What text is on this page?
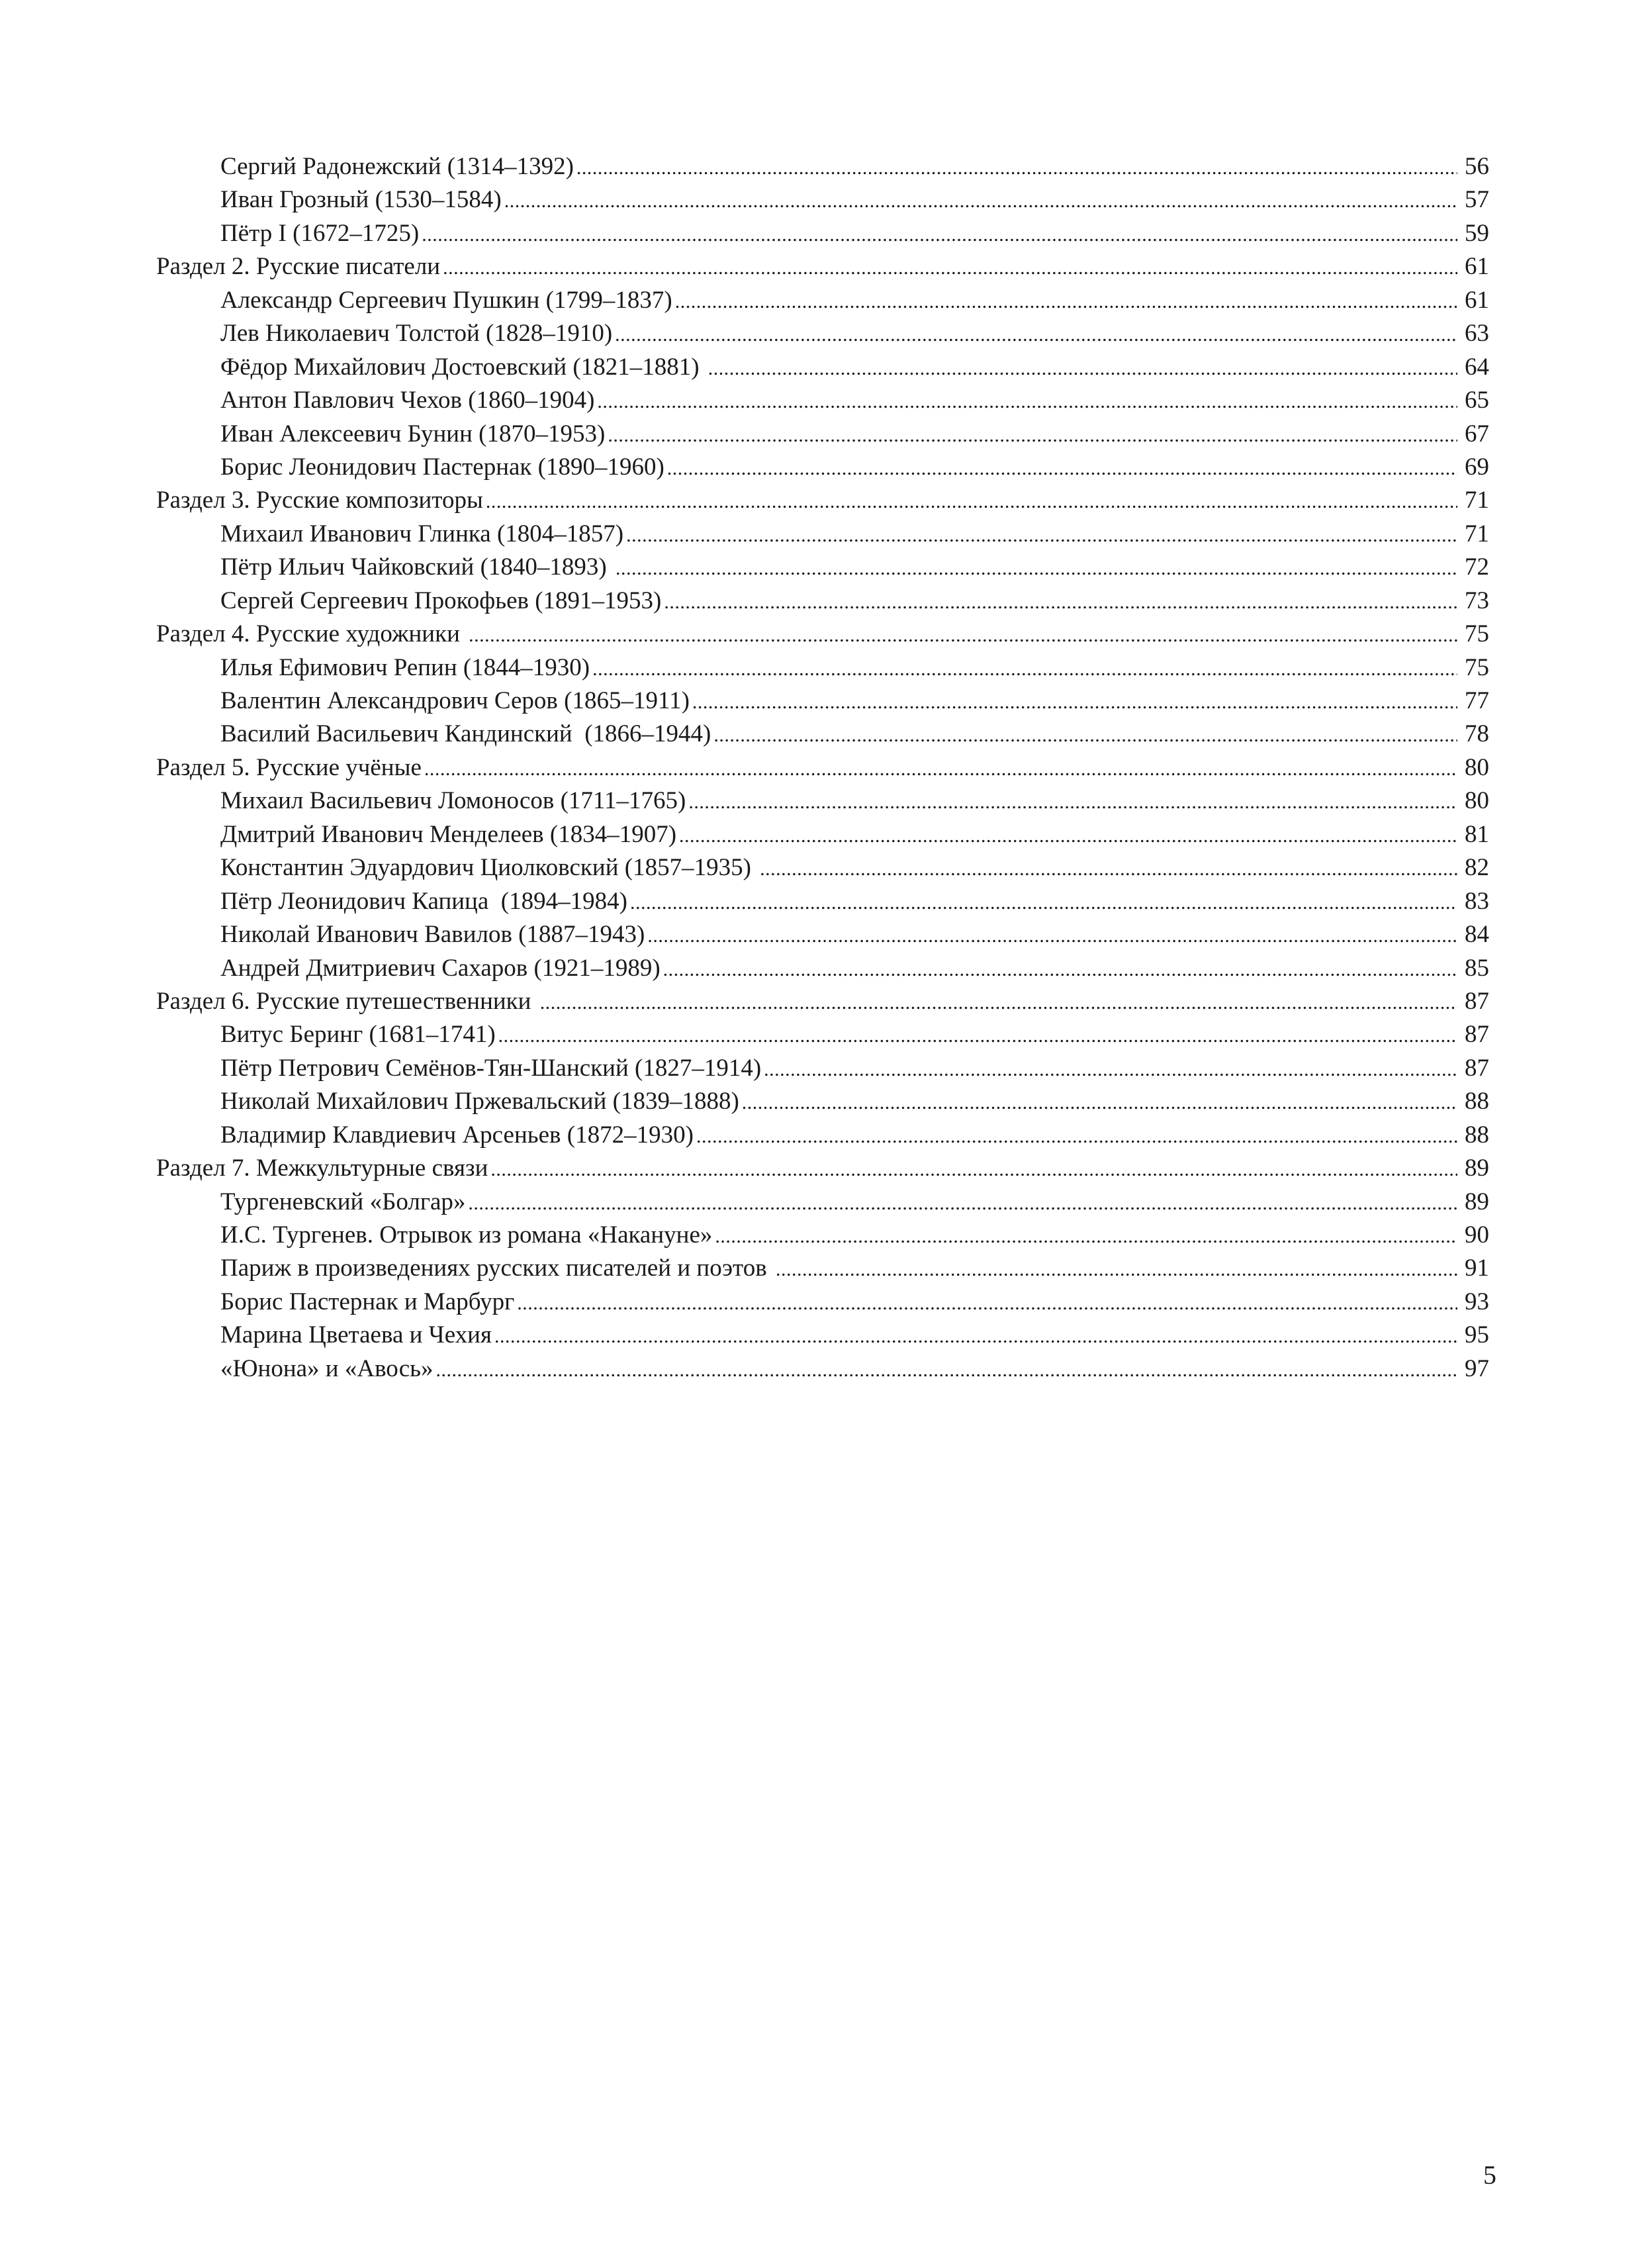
Сергий Радонежский (1314–1392) .....	56
Иван Грозный (1530–1584) .....	57
Пётр I (1672–1725) .....	59
Раздел 2. Русские писатели .....	61
Александр Сергеевич Пушкин (1799–1837) .....	61
Лев Николаевич Толстой (1828–1910) .....	63
Фёдор Михайлович Достоевский (1821–1881) .....	64
Антон Павлович Чехов (1860–1904) .....	65
Иван Алексеевич Бунин (1870–1953) .....	67
Борис Леонидович Пастернак (1890–1960) .....	69
Раздел 3. Русские композиторы .....	71
Михаил Иванович Глинка (1804–1857) .....	71
Пётр Ильич Чайковский (1840–1893) .....	72
Сергей Сергеевич Прокофьев (1891–1953) .....	73
Раздел 4. Русские художники .....	75
Илья Ефимович Репин (1844–1930) .....	75
Валентин Александрович Серов (1865–1911) .....	77
Василий Васильевич Кандинский  (1866–1944) .....	78
Раздел 5. Русские учёные .....	80
Михаил Васильевич Ломоносов (1711–1765) .....	80
Дмитрий Иванович Менделеев (1834–1907) .....	81
Константин Эдуардович Циолковский (1857–1935) .....	82
Пётр Леонидович Капица  (1894–1984) .....	83
Николай Иванович Вавилов (1887–1943) .....	84
Андрей Дмитриевич Сахаров (1921–1989) .....	85
Раздел 6. Русские путешественники .....	87
Витус Беринг (1681–1741) .....	87
Пётр Петрович Семёнов-Тян-Шанский (1827–1914) .....	87
Николай Михайлович Пржевальский (1839–1888) .....	88
Владимир Клавдиевич Арсеньев (1872–1930) .....	88
Раздел 7. Межкультурные связи .....	89
Тургеневский «Болгар» .....	89
И.С. Тургенев. Отрывок из романа «Накануне» .....	90
Париж в произведениях русских писателей и поэтов .....	91
Борис Пастернак и Марбург .....	93
Марина Цветаева и Чехия .....	95
«Юнона» и «Авось» .....	97
5
